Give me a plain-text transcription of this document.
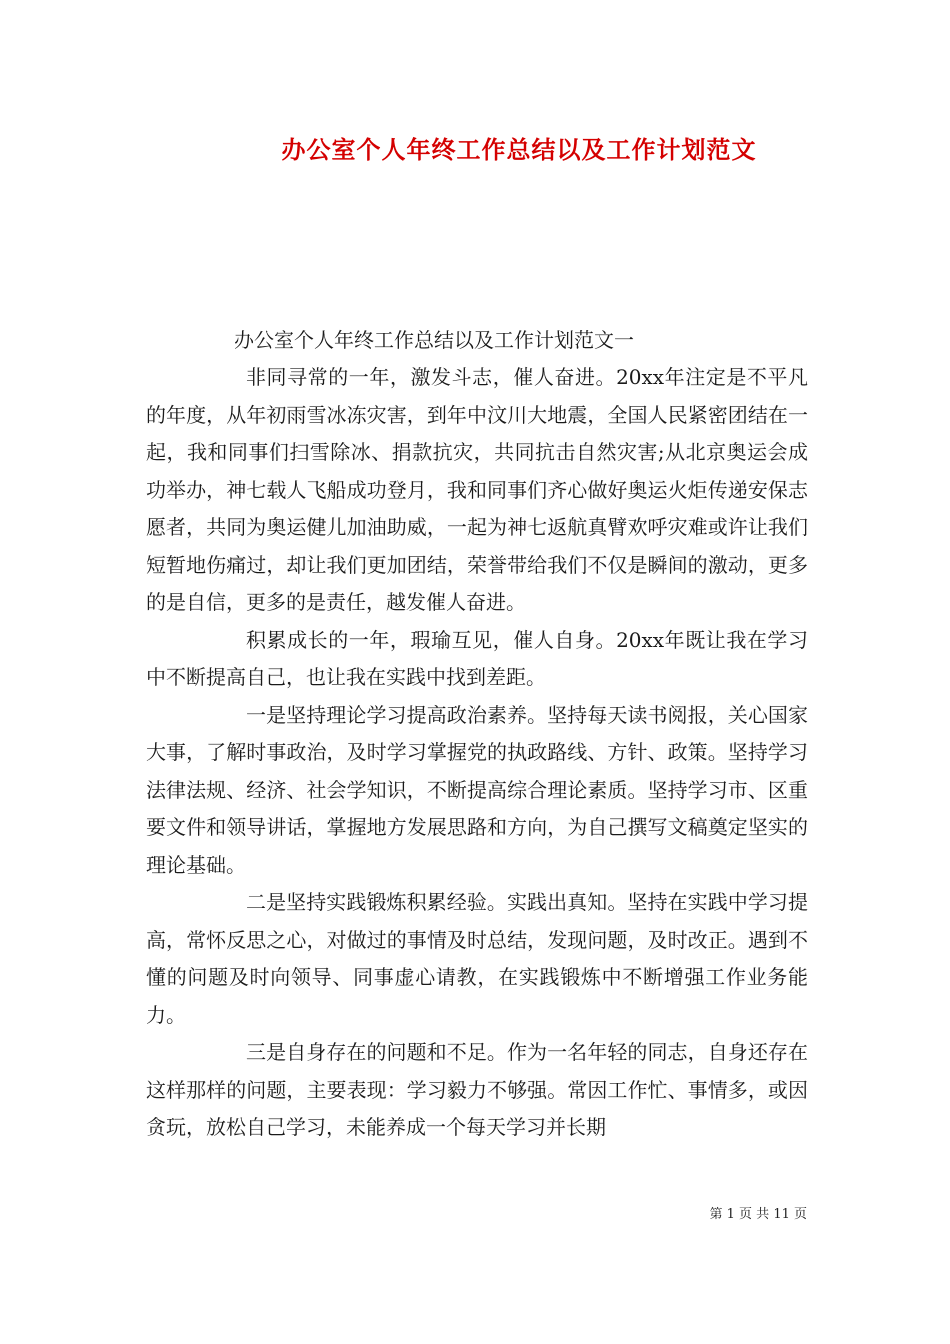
办公室个人年终工作总结以及工作计划范文

办公室个人年终工作总结以及工作计划范文一

非同寻常的一年，激发斗志，催人奋进。20xx年注定是不平凡的年度，从年初雨雪冰冻灾害，到年中汶川大地震，全国人民紧密团结在一起，我和同事们扫雪除冰、捐款抗灾，共同抗击自然灾害;从北京奥运会成功举办，神七载人飞船成功登月，我和同事们齐心做好奥运火炬传递安保志愿者，共同为奥运健儿加油助威，一起为神七返航真臂欢呼灾难或许让我们短暂地伤痛过，却让我们更加团结，荣誉带给我们不仅是瞬间的激动，更多的是自信，更多的是责任，越发催人奋进。

积累成长的一年，瑕瑜互见，催人自身。20xx年既让我在学习中不断提高自己，也让我在实践中找到差距。

一是坚持理论学习提高政治素养。坚持每天读书阅报，关心国家大事，了解时事政治，及时学习掌握党的执政路线、方针、政策。坚持学习法律法规、经济、社会学知识，不断提高综合理论素质。坚持学习市、区重要文件和领导讲话，掌握地方发展思路和方向，为自己撰写文稿奠定坚实的理论基础。

二是坚持实践锻炼积累经验。实践出真知。坚持在实践中学习提高，常怀反思之心，对做过的事情及时总结，发现问题，及时改正。遇到不懂的问题及时向领导、同事虚心请教，在实践锻炼中不断增强工作业务能力。

三是自身存在的问题和不足。作为一名年轻的同志，自身还存在这样那样的问题，主要表现：学习毅力不够强。常因工作忙、事情多，或因贪玩，放松自己学习，未能养成一个每天学习并长期

第 1 页 共 11 页
